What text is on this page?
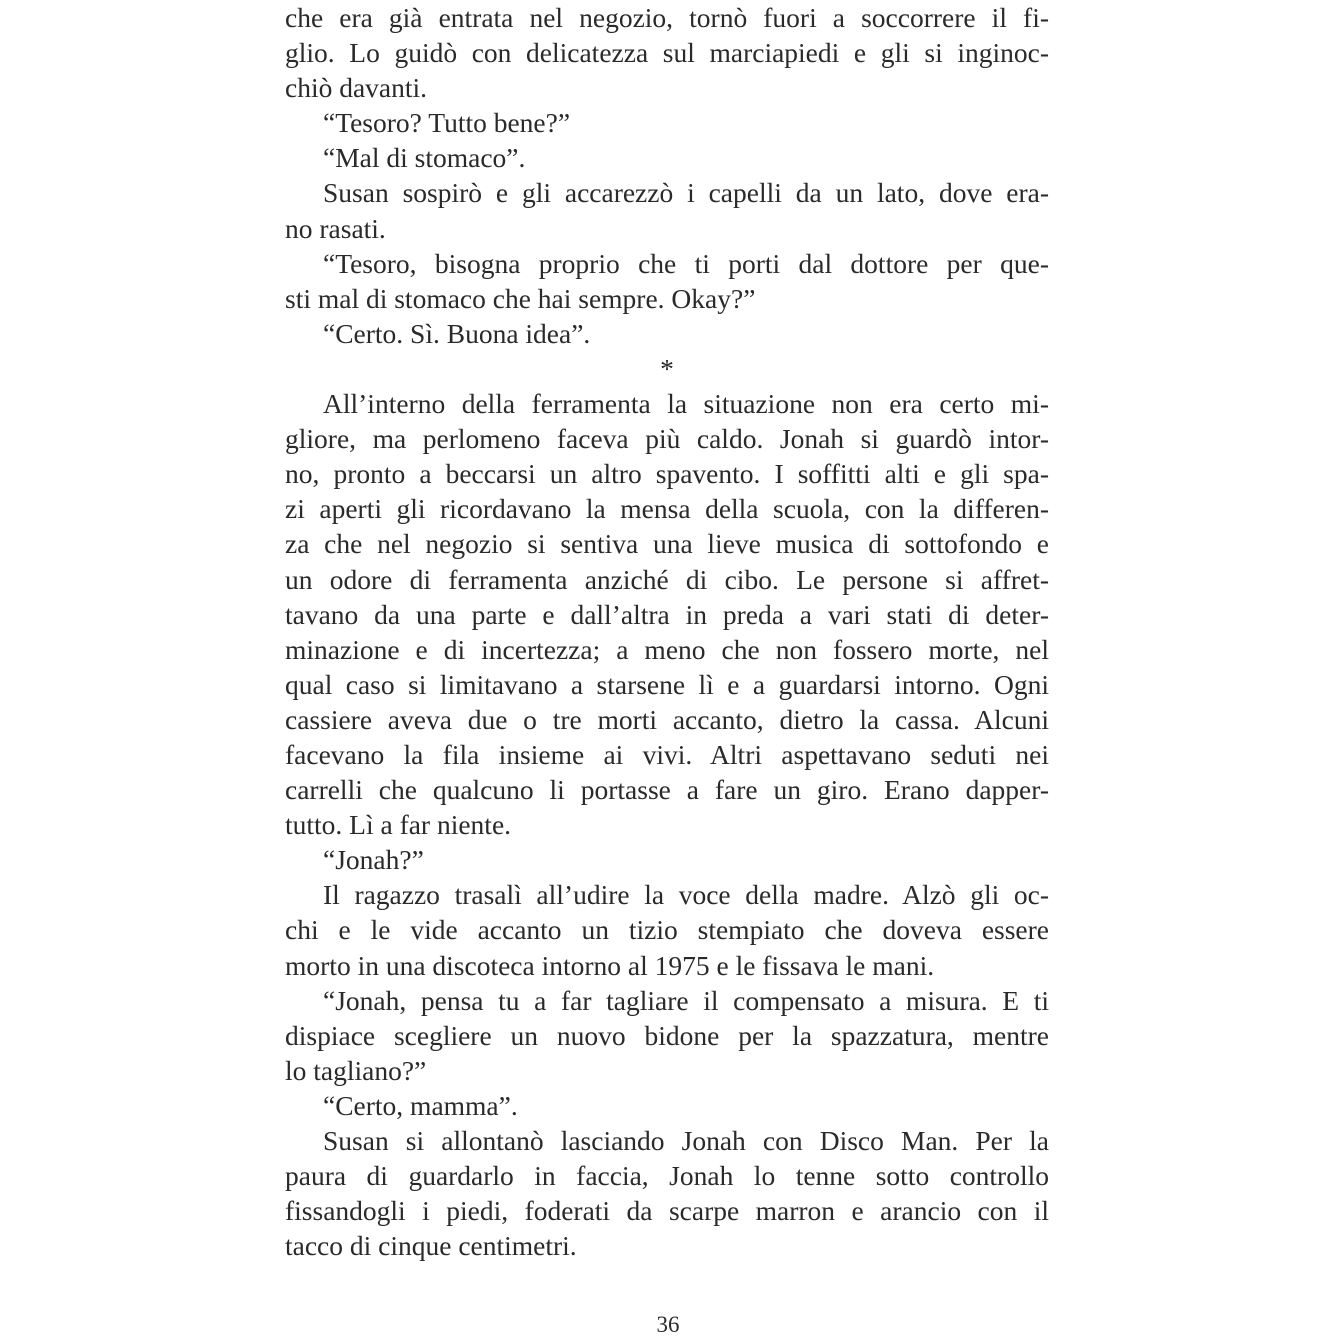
che era già entrata nel negozio, tornò fuori a soccorrere il fi-
glio. Lo guidò con delicatezza sul marciapiedi e gli si inginoc-
chiò davanti.
“Tesoro? Tutto bene?”
“Mal di stomaco”.
Susan sospirò e gli accarezzò i capelli da un lato, dove era-
no rasati.
“Tesoro, bisogna proprio che ti porti dal dottore per que-
sti mal di stomaco che hai sempre. Okay?”
“Certo. Sì. Buona idea”.
*
All’interno della ferramenta la situazione non era certo mi-
gliore, ma perlomeno faceva più caldo. Jonah si guardò intor-
no, pronto a beccarsi un altro spavento. I soffitti alti e gli spa-
zi aperti gli ricordavano la mensa della scuola, con la differen-
za che nel negozio si sentiva una lieve musica di sottofondo e
un odore di ferramenta anziché di cibo. Le persone si affret-
tavano da una parte e dall’altra in preda a vari stati di deter-
minazione e di incertezza; a meno che non fossero morte, nel
qual caso si limitavano a starsene lì e a guardarsi intorno. Ogni
cassiere aveva due o tre morti accanto, dietro la cassa. Alcuni
facevano la fila insieme ai vivi. Altri aspettavano seduti nei
carrelli che qualcuno li portasse a fare un giro. Erano dapper-
tutto. Lì a far niente.
“Jonah?”
Il ragazzo trasalì all’udire la voce della madre. Alzò gli oc-
chi e le vide accanto un tizio stempiato che doveva essere
morto in una discoteca intorno al 1975 e le fissava le mani.
“Jonah, pensa tu a far tagliare il compensato a misura. E ti
dispiace scegliere un nuovo bidone per la spazzatura, mentre
lo tagliano?”
“Certo, mamma”.
Susan si allontanò lasciando Jonah con Disco Man. Per la
paura di guardarlo in faccia, Jonah lo tenne sotto controllo
fissandogli i piedi, foderati da scarpe marron e arancio con il
tacco di cinque centimetri.
36
